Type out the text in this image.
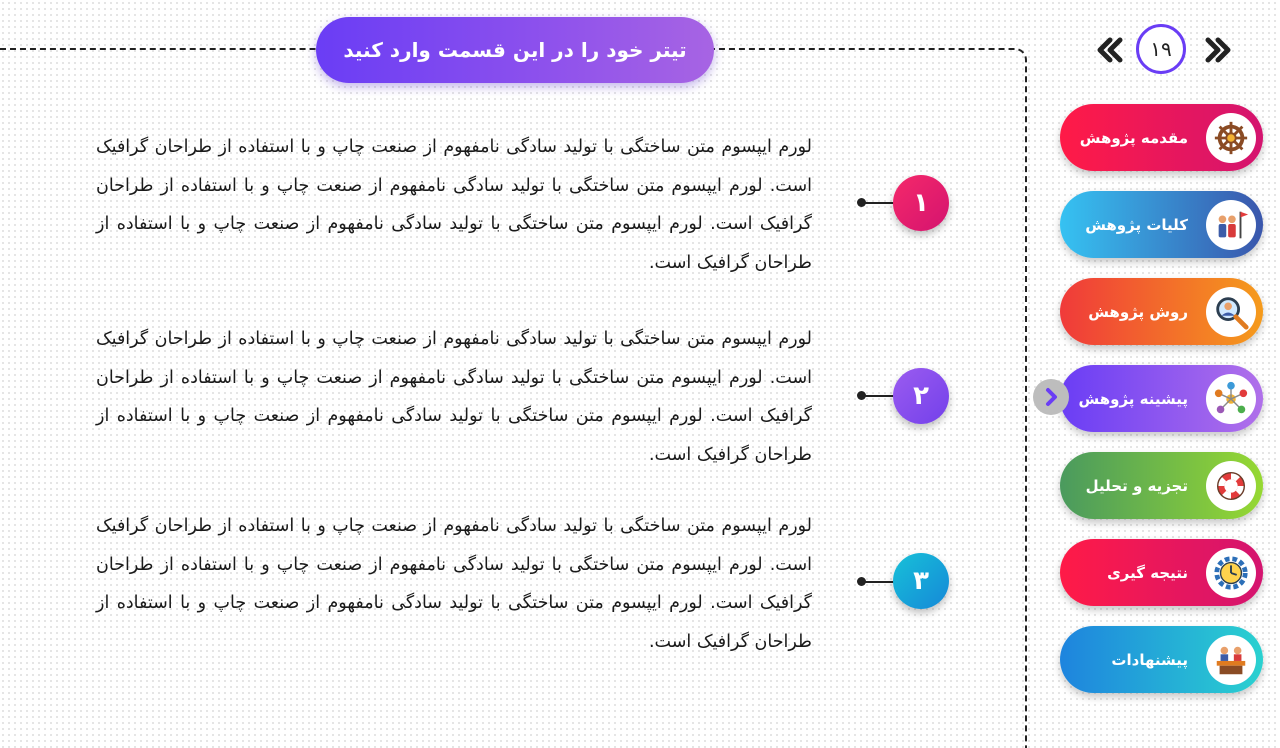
تیتر خود را در این قسمت وارد کنید	۱۹
لورم ایپسوم متن ساختگی با تولید سادگی نامفهوم از صنعت چاپ و با استفاده از طراحان گرافیک است. لورم ایپسوم متن ساختگی با تولید سادگی نامفهوم از صنعت چاپ و با استفاده از طراحان گرافیک است. لورم ایپسوم متن ساختگی با تولید سادگی نامفهوم از صنعت چاپ و با استفاده از طراحان گرافیک است.
۱
لورم ایپسوم متن ساختگی با تولید سادگی نامفهوم از صنعت چاپ و با استفاده از طراحان گرافیک است. لورم ایپسوم متن ساختگی با تولید سادگی نامفهوم از صنعت چاپ و با استفاده از طراحان گرافیک است. لورم ایپسوم متن ساختگی با تولید سادگی نامفهوم از صنعت چاپ و با استفاده از طراحان گرافیک است.
۲
لورم ایپسوم متن ساختگی با تولید سادگی نامفهوم از صنعت چاپ و با استفاده از طراحان گرافیک است. لورم ایپسوم متن ساختگی با تولید سادگی نامفهوم از صنعت چاپ و با استفاده از طراحان گرافیک است. لورم ایپسوم متن ساختگی با تولید سادگی نامفهوم از صنعت چاپ و با استفاده از طراحان گرافیک است.
۳
مقدمه پژوهش
کلیات پژوهش
روش پژوهش
پیشینه پژوهش
تجزیه و تحلیل
نتیجه گیری
پیشنهادات
